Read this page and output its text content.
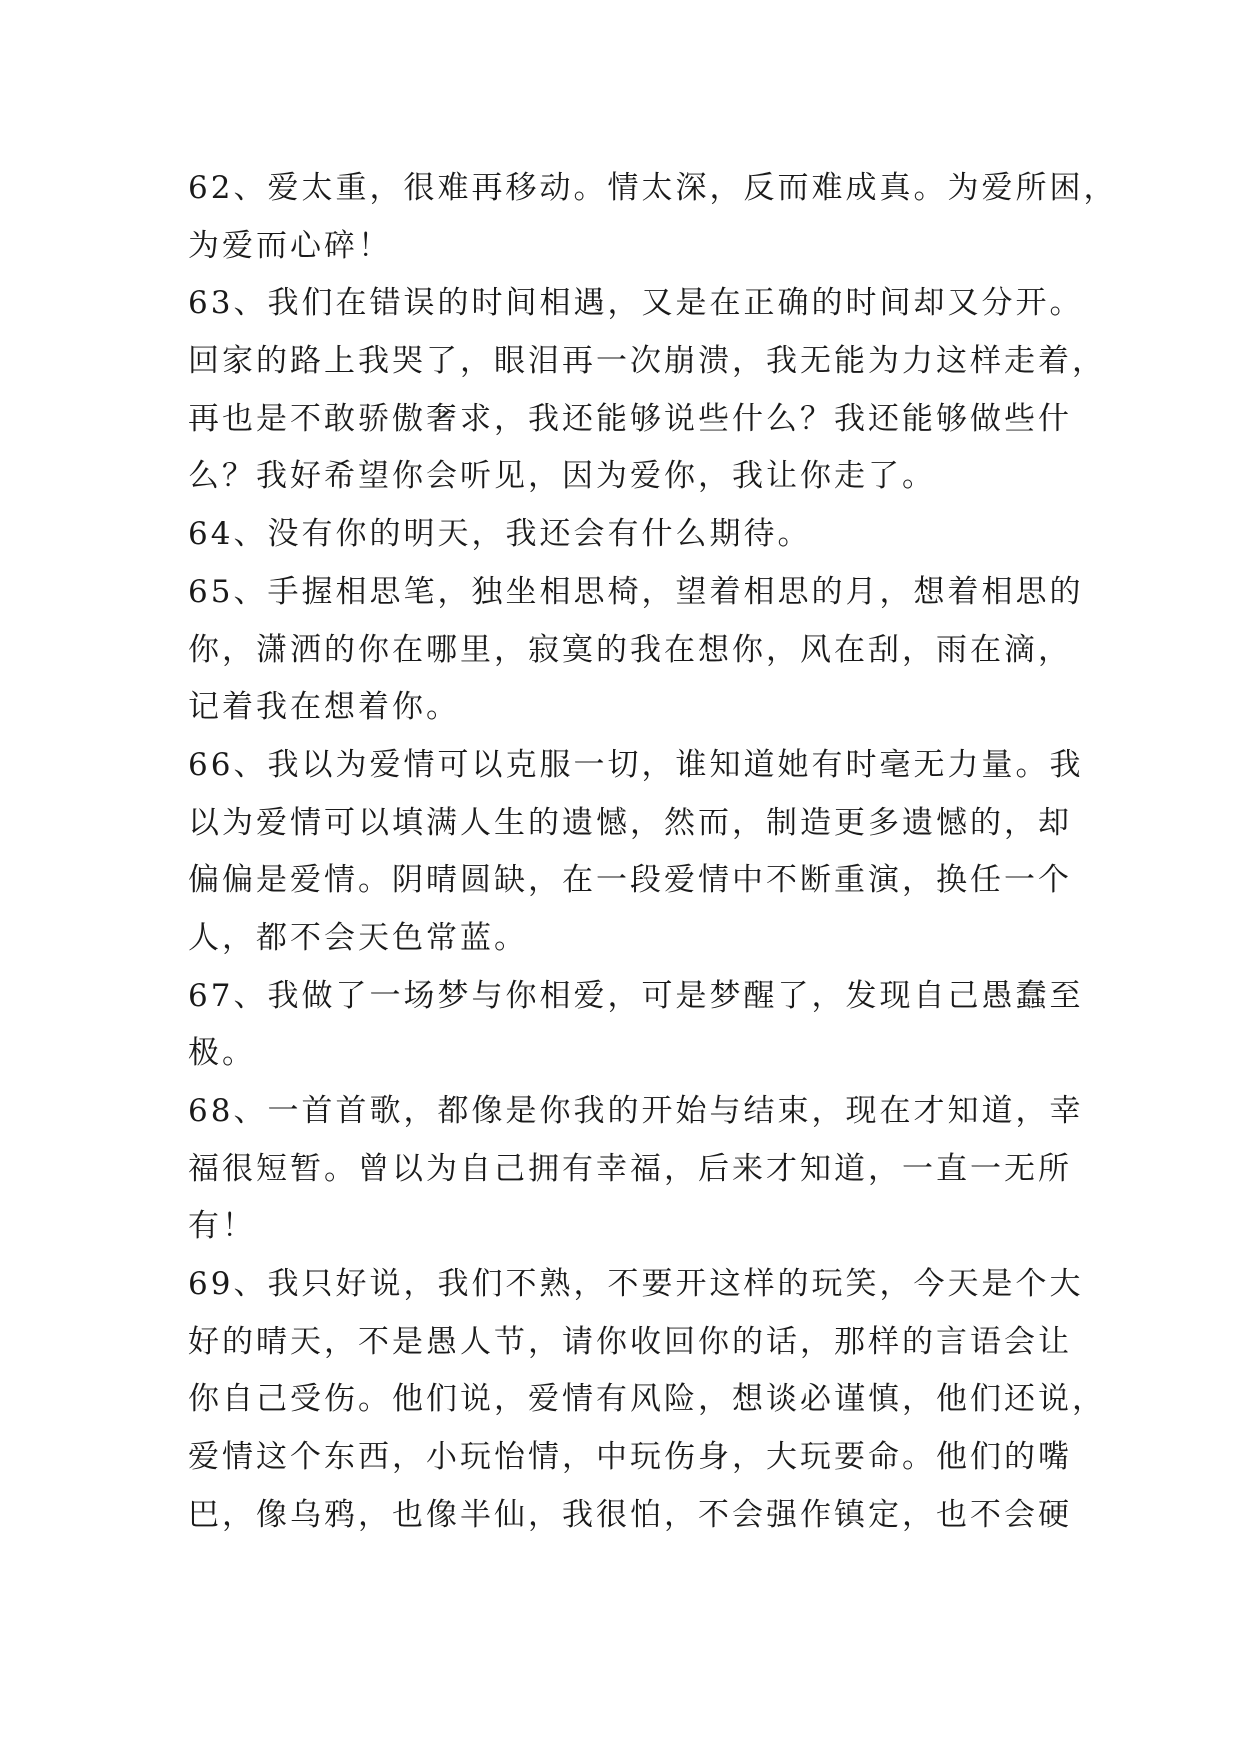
62、爱太重，很难再移动。情太深，反而难成真。为爱所困，
为爱而心碎！
63、我们在错误的时间相遇，又是在正确的时间却又分开。
回家的路上我哭了，眼泪再一次崩溃，我无能为力这样走着，
再也是不敢骄傲奢求，我还能够说些什么？我还能够做些什
么？我好希望你会听见，因为爱你，我让你走了。
64、没有你的明天，我还会有什么期待。
65、手握相思笔，独坐相思椅，望着相思的月，想着相思的
你，潇洒的你在哪里，寂寞的我在想你，风在刮，雨在滴，
记着我在想着你。
66、我以为爱情可以克服一切，谁知道她有时毫无力量。我
以为爱情可以填满人生的遗憾，然而，制造更多遗憾的，却
偏偏是爱情。阴晴圆缺，在一段爱情中不断重演，换任一个
人，都不会天色常蓝。
67、我做了一场梦与你相爱，可是梦醒了，发现自己愚蠢至
极。
68、一首首歌，都像是你我的开始与结束，现在才知道，幸
福很短暂。曾以为自己拥有幸福，后来才知道，一直一无所
有！
69、我只好说，我们不熟，不要开这样的玩笑，今天是个大
好的晴天，不是愚人节，请你收回你的话，那样的言语会让
你自己受伤。他们说，爱情有风险，想谈必谨慎，他们还说，
爱情这个东西，小玩怡情，中玩伤身，大玩要命。他们的嘴
巴，像乌鸦，也像半仙，我很怕，不会强作镇定，也不会硬
